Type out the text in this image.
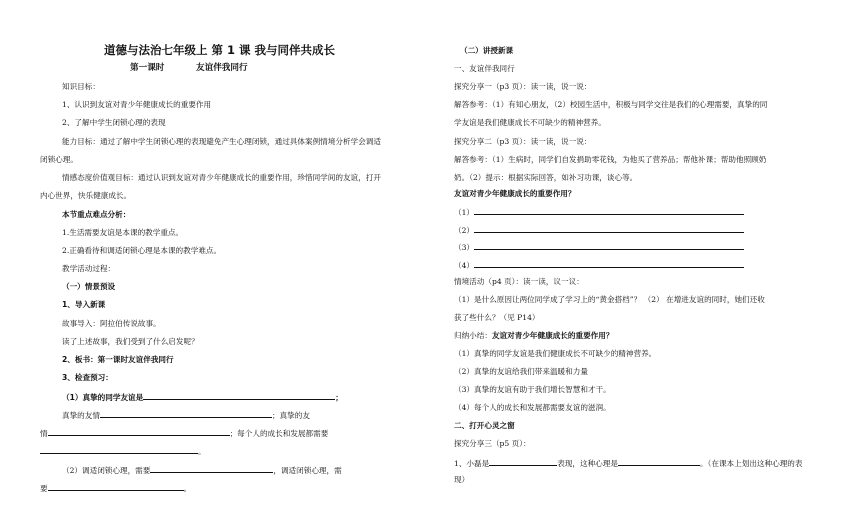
道德与法治七年级上 第 1 课 我与同伴共成长
第一课时	友谊伴我同行
知识目标：
1、认识到友谊对青少年健康成长的重要作用
2、了解中学生闭锁心理的表现
能力目标：通过了解中学生闭锁心理的表现避免产生心理闭锁，通过具体案例情境分析学会调适
闭锁心理。
情感态度价值观目标：通过认识到友谊对青少年健康成长的重要作用，珍惜同学间的友谊，打开
内心世界，快乐健康成长。
本节重点难点分析：
1.生活需要友谊是本课的教学重点。
2.正确看待和调适闭锁心理是本课的教学难点。
教学活动过程：
（一）情景预设
1、导入新课
故事导入：阿拉伯传说故事。
读了上述故事，我们受到了什么启发呢？
2、板书：第一课时友谊伴我同行
3、检查预习：
（1）真挚的同学友谊是	；
真挚的友情	；真挚的友
情	；每个人的成长和发展都需要
。
（2）调适闭锁心理，需要	，调适闭锁心理，需
要	。
（二）讲授新课
一、友谊伴我同行
探究分享一（p3 页）：读一读，说一说：
解答参考：（1）有知心朋友，（2）校园生活中，积极与同学交往是我们的心理需要，真挚的同
学友谊是我们健康成长不可缺少的精神营养。
探究分享二（p3 页）：读一读，说一说：
解答参考：（1）生病时，同学们自发捐助零花钱，为他买了营养品；帮他补课；帮助他照顾奶
奶。（2）提示：根据实际回答，如补习功课，谈心等。
友谊对青少年健康成长的重要作用？
（1）
（2）
（3）
（4）
情境活动（p4 页）：读一读，议一议：
（1）是什么原因让两位同学成了学习上的“黄金搭档”？ （2） 在增进友谊的同时，她们还收
获了些什么？（见 P14）
归纳小结：友谊对青少年健康成长的重要作用？
（1）真挚的同学友谊是我们健康成长不可缺少的精神营养。
（2）真挚的友谊给我们带来温暖和力量
（3）真挚的友谊有助于我们增长智慧和才干。
（4）每个人的成长和发展都需要友谊的滋润。
二、打开心灵之窗
探究分享三（p5 页）：
1、小磊是	表现，这种心理是	。（在课本上划出这种心理的表
现）
